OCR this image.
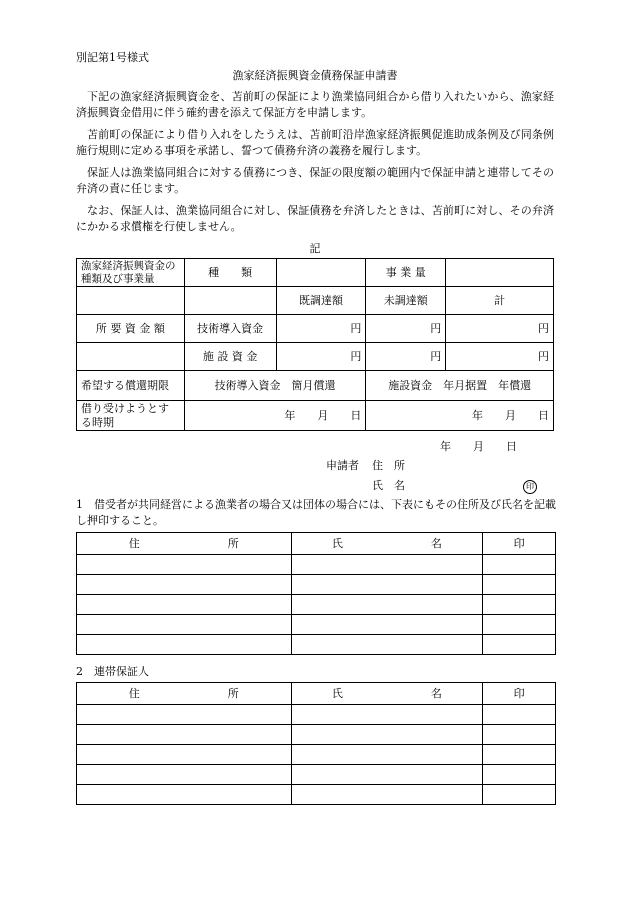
別記第1号様式
漁家経済振興資金債務保証申請書
下記の漁家経済振興資金を、苫前町の保証により漁業協同組合から借り入れたいから、漁家経済振興資金借用に伴う確約書を添えて保証方を申請します。
苫前町の保証により借り入れをしたうえは、苫前町沿岸漁家経済振興促進助成条例及び同条例施行規則に定める事項を承諾し、誓つて債務弁済の義務を履行します。
保証人は漁業協同組合に対する債務につき、保証の限度額の範囲内で保証申請と連帯してその弁済の責に任じます。
なお、保証人は、漁業協同組合に対し、保証債務を弁済したときは、苫前町に対し、その弁済にかかる求償権を行使しません。
記
漁家経済振興資金の種類及び事業量	種　　類		事 業 量	
		既調達額	未調達額	計
所 要 資 金 額	技術導入資金	円	円	円
	施 設 資 金	円	円	円
希望する償還期限	技術導入資金　箇月償還		施設資金　年月据置　年償還	
借り受けようとする時期	年　　月　　日		年　　月　　日	
年　　月　　日
申請者 住　所
氏　名	印
1　借受者が共同経営による漁業者の場合又は団体の場合には、下表にもその住所及び氏名を記載し押印すること。
住　　　　　　　　所	氏　　　　　　　　名	印

2　連帯保証人
住　　　　　　　　所	氏　　　　　　　　名	印
